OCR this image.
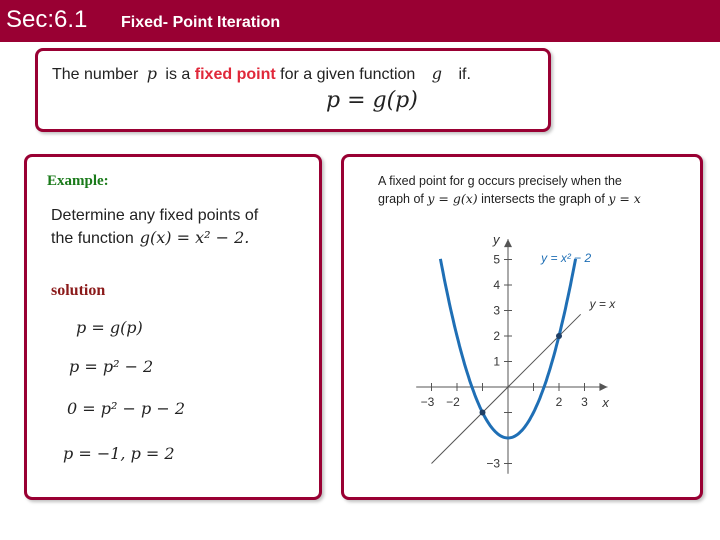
Sec:6.1 Fixed- Point Iteration
The number p is a fixed point for a given function g if.
p = g(p)
Example:
Determine any fixed points of
the function g(x) = x² − 2.
solution
p = g(p)
p = p² − 2
0 = p² − p − 2
p = −1, p = 2
A fixed point for g occurs precisely when the
graph of y = g(x) intersects the graph of y = x
−3 −2	2 3
5
4
3
2
1
−3
y = x² − 2
y = x
x
y
